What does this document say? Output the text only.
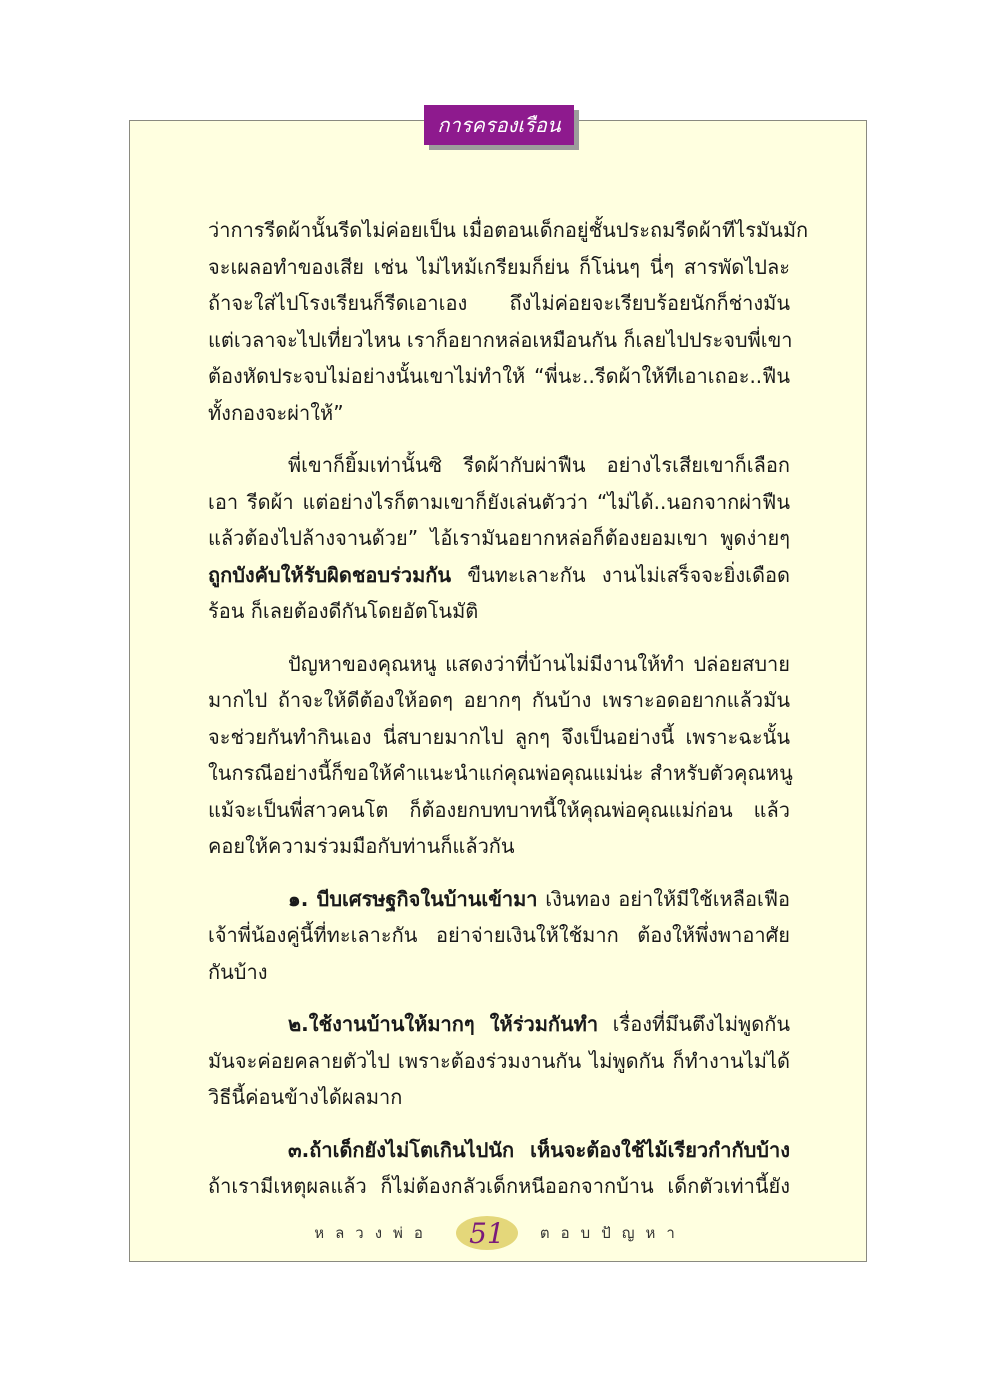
การครองเรือน
ว่าการรีดผ้านั้นรีดไม่ค่อยเป็น เมื่อตอนเด็กอยู่ชั้นประถมรีดผ้าทีไรมันมัก
จะเผลอทำของเสีย เช่น ไม่ไหม้เกรียมก็ย่น ก็โน่นๆ นี่ๆ สารพัดไปละ
ถ้าจะใส่ไปโรงเรียนก็รีดเอาเอง ถึงไม่ค่อยจะเรียบร้อยนักก็ช่างมัน
แต่เวลาจะไปเที่ยวไหน เราก็อยากหล่อเหมือนกัน ก็เลยไปประจบพี่เขา
ต้องหัดประจบไม่อย่างนั้นเขาไม่ทำให้ “พี่นะ..รีดผ้าให้ทีเอาเถอะ..ฟืน
ทั้งกองจะผ่าให้”
พี่เขาก็ยิ้มเท่านั้นซิ รีดผ้ากับผ่าฟืน อย่างไรเสียเขาก็เลือก
เอา รีดผ้า แต่อย่างไรก็ตามเขาก็ยังเล่นตัวว่า “ไม่ได้..นอกจากผ่าฟืน
แล้วต้องไปล้างจานด้วย” ไอ้เรามันอยากหล่อก็ต้องยอมเขา พูดง่ายๆ
ถูกบังคับให้รับผิดชอบร่วมกัน ขืนทะเลาะกัน งานไม่เสร็จจะยิ่งเดือด
ร้อน ก็เลยต้องดีกันโดยอัตโนมัติ
ปัญหาของคุณหนู แสดงว่าที่บ้านไม่มีงานให้ทำ ปล่อยสบาย
มากไป ถ้าจะให้ดีต้องให้อดๆ อยากๆ กันบ้าง เพราะอดอยากแล้วมัน
จะช่วยกันทำกินเอง นี่สบายมากไป ลูกๆ จึงเป็นอย่างนี้ เพราะฉะนั้น
ในกรณีอย่างนี้ก็ขอให้คำแนะนำแก่คุณพ่อคุณแม่น่ะ สำหรับตัวคุณหนู
แม้จะเป็นพี่สาวคนโต ก็ต้องยกบทบาทนี้ให้คุณพ่อคุณแม่ก่อน แล้ว
คอยให้ความร่วมมือกับท่านก็แล้วกัน
๑. บีบเศรษฐกิจในบ้านเข้ามา เงินทอง อย่าให้มีใช้เหลือเฟือ
เจ้าพี่น้องคู่นี้ที่ทะเลาะกัน อย่าจ่ายเงินให้ใช้มาก ต้องให้พึ่งพาอาศัย
กันบ้าง
๒.ใช้งานบ้านให้มากๆ ให้ร่วมกันทำ เรื่องที่มึนตึงไม่พูดกัน
มันจะค่อยคลายตัวไป เพราะต้องร่วมงานกัน ไม่พูดกัน ก็ทำงานไม่ได้
วิธีนี้ค่อนข้างได้ผลมาก
๓.ถ้าเด็กยังไม่โตเกินไปนัก เห็นจะต้องใช้ไม้เรียวกำกับบ้าง
ถ้าเรามีเหตุผลแล้ว ก็ไม่ต้องกลัวเด็กหนีออกจากบ้าน เด็กตัวเท่านี้ยัง
หลวงพ่อ 51 ตอบปัญหา
